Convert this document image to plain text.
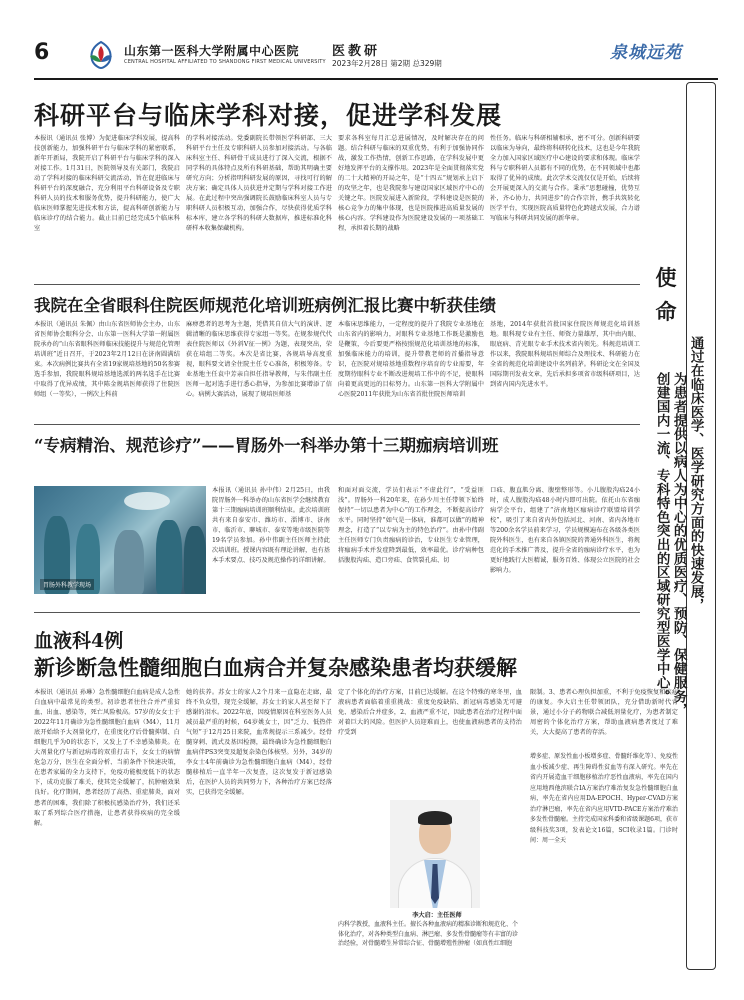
6	山东第一医科大学附属中心医院
CENTRAL HOSPITAL AFFILIATED TO SHANDONG FIRST MEDICAL UNIVERSITY
医教研
2023年2月28日 第2期 总329期
泉城远苑
科研平台与临床学科对接，促进学科发展
本报讯（通讯员 张博）为促进临床学科发展，提高科技创新能力，加强科研平台与临床学科的紧密联系，新年开新局，我院开启了科研平台与临床学科的深入对接工作。1月31日，医院领导及有关部门，我院启动了学科对接的临床科研交流活动，旨在促进临床与科研平台的深度融合，充分利用平台科研设备及专职科研人员的技术和服务优势，提升科研能力，使广大临床医师掌握先进技术和方法，提高科研创新能力与临床诊疗的结合能力。截止目前已经完成5个临床科室
的学科对接活动。党委副院长带领医学科研部、三大科研平台主任及专职科研人员参加对接活动。与各临床科室主任、科研骨干成员进行了深入交流，根据不同学科的具体特点及所有科研基础，帮助其明确主要研究方向；分析指明科研发展的原因，寻找可行的解决方案；确定具体人员获进并定期与学科对接工作进展。在此过程中突出强调院长鼓励临床科室人员与专职科研人员积极互动，加强合作，尽快获得优质学科标本库，建立各学科的科研大数据库，推进标准化科研样本收集保藏机构。
要求各科室每月汇总进展情况，及时解决存在的问题。结合科研与临床的双重优势，有利于加强协同作战，激发工作热情，创新工作思路，在学科发展中更好地发挥平台的支撑作用。2023年是全面贯彻落实党的二十大精神的开局之年，是“十四五”规划承上启下的攻坚之年，也是我院参与建设国家区域医疗中心的关键之年。医院发展进入新阶段，学科建设是医院的核心竞争力的集中体现，也是医院推进高质量发展的核心内容。学科建设作为医院建设发展的一项基础工程，承担着长期的战略
性任务。临床与科研相辅相承，密不可分。创新科研要以临床为导向，最终将科研转化技术，这也是今年我院全力加入国家区域医疗中心建设的要求和体现。临床学科与专职科研人员都有不同的优势，在不同领域中也都取得了优异的成绩。此次学术交流仅仅是开始，后续将会开展更深入的交流与合作。秉承“思想碰撞，优势互补，齐心协力，共同进步”的合作宗旨，携手共筑转化医学平台，实现医院高质量特色化跨越式发展，合力谱写临床与科研共同发展的新华章。
我院在全省眼科住院医师规范化培训班病例汇报比赛中斩获佳绩
本报讯（通讯员 朱佩）由山东省医师协会主办，山东省医师协会眼科分会、山东第一医科大学第一附属医院承办的“山东省眼科医师临床技能提升与规范化管理培训班”近日召开，于2023年2月12日在济南圆满结束。本次病例比赛共有全省19家规培基地的50名参赛选手参加，我院眼科规培基地选派的两名选手在比赛中取得了优异成绩，其中陈金规培医师获得了住院医师组（一等奖），一例次上科前
麻痹患者的思考为主题，凭借其自信大气的演讲、逻辑清晰的临床思维获得专家组一等奖。在规参规代代表住院医师以《外斜V征一例》为题，表现突出，荣获在培组二等奖。本次是省比赛，各规培导高度重视，眼科要文请全住院主任专心准备，积极筹备。专业基地主任袁中芳亲自担任指导教师，与朱伟副主任医师一起对选手进行悉心指导，为参加比赛增添了信心。病例大赛活动，展现了规培医师基
本临床思维能力，一定程度的提升了我院专业基地在山东省内的影响力，对眼科专业基地工作既是激励也是鞭策，今后要更严格按照规范化培训基地的标准，加强临床能力的培训，提升带教老师的首播指导意识，在医院对规培基地重数程序培育的专业需要，年度期待眼科专业不断改进规培工作中的不足，使眼科向着更高更远的目标努力。山东第一医科大学附属中心医院2011年获批为山东省首批住院医师培训
基地，2014年获批首批国家住院医师规范化培训基地。眼科现专业有主任、师资力量雄厚，其中由内眼、眼底病、青光眼专业手术技术省内领先。科规范培训工作以来，我院眼科规培医师综合及理技术、科研能力在全省的规范化培训建设中名列前茅。科研论文在全国及国际期刊发表文章，先后承担多项省市级科研项目，达到省内国内先进水平。
“专病精治、规范诊疗”——胃肠外一科举办第十三期痂病培训班
胃肠外科教学现场
本报讯（通讯员 孙中伟）2月25日，由我院胃肠外一科举办的山东省医学会继续教育第十三期痂病培训班顺利结束。此次培训班共有来自泰安市、潍坊市、淄博市、济南市、临沂市、聊城市、泰安等地市级医院等19名学员参加。孙中伟副主任医师主持此次培训班。授课内容既有理论讲解，也有基本手术要点、技巧及规范操作的详细讲解。
和面对面交流，学员们表示“不虚此行”，“受益匪浅”。胃肠外一科20年来，在孙少川主任带领下始终保持“一切以患者为中心”的工作理念，不断提高诊疗水平。同时坚持“如气是一体病，谁都可以做”的精神理念，打造了“以专病为主的特色治疗”。由孙中伟副主任医师专门负责痂病的诊治，专业医生专业管理，将痂病手术并发症降到最低，效率最优。诊疗病种包括腹股沟疝、造口旁疝、食管裂孔疝、切
口疝、腹直肌分离、腹壁整形等。小儿腹股沟疝24小时，成人腹股沟疝48小时内即可出院。依托山东省痂病学会平台，组建了“济南地区痂病诊疗联盟培训学校”，吸引了来自省内外包括河北、河南、省内各地市等200余名学员前来学习，学员规模遍布在各级各类医院外科医生，也有来自各镇医院的普通外科医生，将规范化的手术推广普及，提升全省的痂病诊疗水平，也为更好地践行大医精诚，服务百姓、体现公立医院的社会影响力。
血液科4例
新诊断急性髓细胞白血病合并复杂感染患者均获缓解
本报讯（通讯员 孙琳）急性髓细胞白血病是成人急性白血病中最常见的类型。初诊患者往往合并严重贫血、出血、感染等，死亡风险极高。57岁的女女士于2022年11月确诊为急性髓细胞白血病（M4），11月底开始给予大剂量化疗，在重度化疗后骨髓抑制、白细胞几乎为0的状态下，又发上了不幸感染肺炎。在大剂量化疗与新冠病毒的双重打击下，女女士的病情危急万分，医生在全面分析、当前条件下快速决策，在患者家属的全力支持下，免疫功能极度低下的状态下，成功克服了难关，使其完全缓解了，抗肿瘤效果良好。化疗期间，患者经历了高热、重症肺炎，面对患者的困难，我们除了积极抗感染治疗外，我们还采取了系列综合医疗措施，让患者获得疾病的完全缓解。
她的扶养。苏女士的家人2个月来一直隐在走廊，最终不负众望，现完全缓解，苏女士的家人甚至留下了感谢的泪水。2022年底，因疫情原因在科室医务人员减员最严重的时候，64岁姚女士，因“乏力、低热伴气短”于12月25日来院，血常规提示三系减少。经骨髓穿刺、流式及基因检测，最终确诊为急性髓细胞白血病伴PS3突变及超复杂染色体核型。另外，34岁的李女士4年前确诊为急性髓细胞白血病（M4），经骨髓移植后一直半年一次复查，这次复发于新冠感染后，在医护人员的共同努力下，各种治疗方案已经落实，已获得完全缓解。
定了个体化的治疗方案，目前已达缓解。在这个特殊的寒冬里，血液病患者面临着重重挑战：重度免疫缺陷、新冠病毒感染无可避免、感染后合并症多，2、血液严重不足，因此患者在治疗过程中面对着巨大的风险。但医护人员迎难而上，也使血液病患者的支持治疗受到
限制。3、患者心理负担加重，不利于免疫恢复和疾病的康复。李大启主任带领团队，充分借助新时代背景，通过小分子药物联合减低剂量化疗，为患者制定周密的个体化治疗方案，帮助血液病患者度过了难关，大大提高了患者的存活。
李大启：主任医师
内科学教授，血液科主任。擅长各种血液病的精准诊断和规范化、个体化治疗，对各种类型白血病、淋巴瘤、多发性骨髓瘤等有丰富的诊治经验，对骨髓增生异常综合征、骨髓增殖性肿瘤（如真性红细胞
增多症、原发性血小板增多症、骨髓纤维化等）、免疫性血小板减少症、再生障碍性贫血等有深入研究。率先在省内开展造血干细胞移植治疗恶性血液病，率先在国内应用地西他滨联合IA方案治疗难治复发急性髓细胞白血病，率先在省内应用DA-EPOCH、Hyper-CVAD方案治疗淋巴瘤，率先在省内应用VTD-PACE方案治疗难治多发性骨髓瘤。主持完成国家科委和省级课题6项，获市级科技奖3项，发表论文16篇，SCI收录1篇。门诊时间：周一全天
使
命
通过在临床医学、医学研究方面的快速发展，
为患者提供以病人为中心的优质医疗、预防、保健服务，
创建国内一流、专科特色突出的区域研究型医学中心。
